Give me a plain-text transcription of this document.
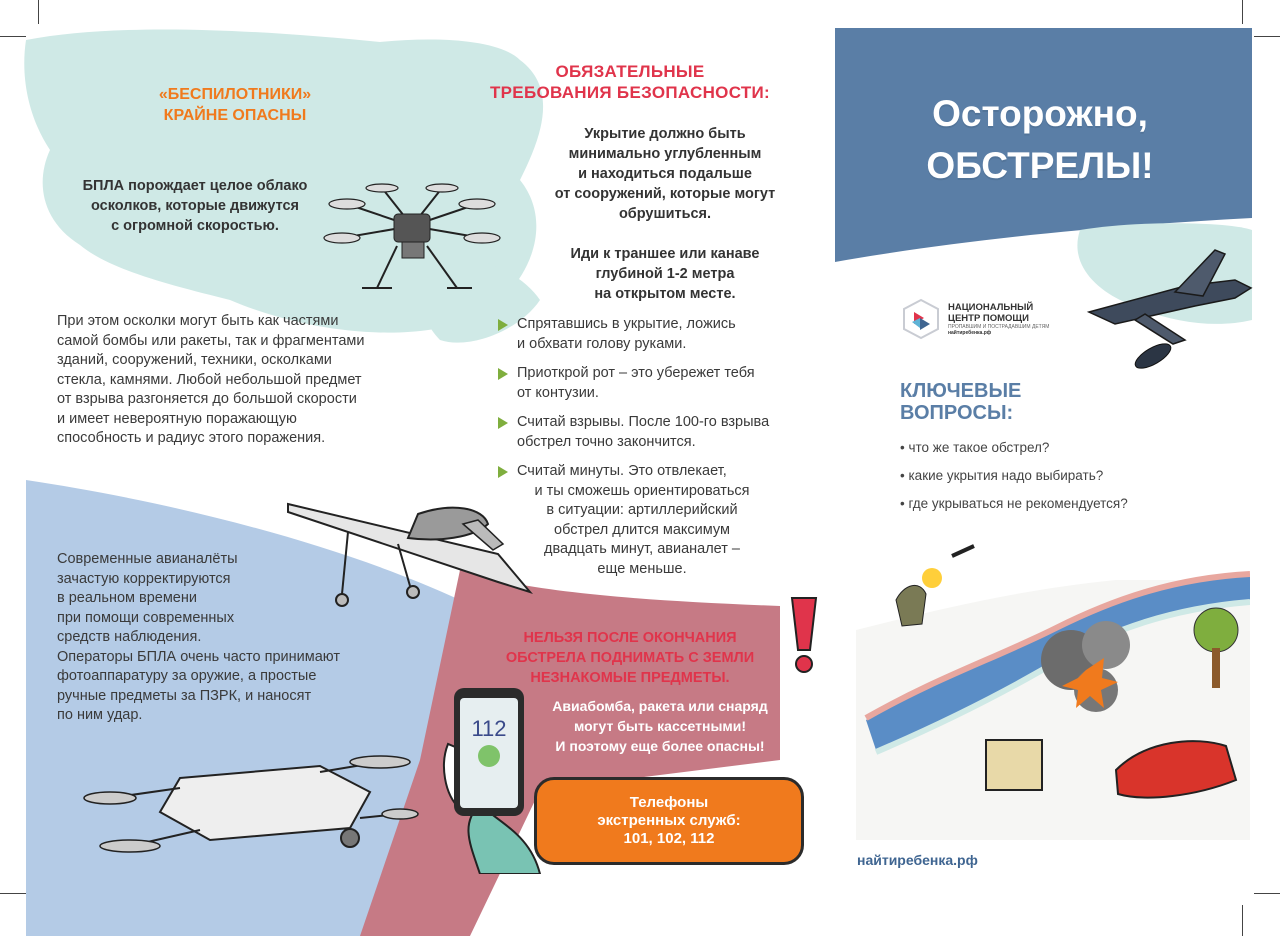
«БЕСПИЛОТНИКИ»
КРАЙНЕ ОПАСНЫ
БПЛА порождает целое облако
осколков, которые движутся
с огромной скоростью.
При этом осколки могут быть как частями
самой бомбы или ракеты, так и фрагментами
зданий, сооружений, техники, осколками
стекла, камнями. Любой небольшой предмет
от взрыва разгоняется до большой скорости
и имеет невероятную поражающую
способность и радиус этого поражения.
Современные авианалёты
зачастую корректируются
в реальном времени
при помощи современных
средств наблюдения.
Операторы БПЛА очень часто принимают
фотоаппаратуру за оружие, а простые
ручные предметы за ПЗРК, и наносят
по ним удар.
ОБЯЗАТЕЛЬНЫЕ
ТРЕБОВАНИЯ БЕЗОПАСНОСТИ:
Укрытие должно быть
минимально углубленным
и находиться подальше
от сооружений, которые могут
обрушиться.
Иди к траншее или канаве
глубиной 1-2 метра
на открытом месте.
Спрятавшись в укрытие, ложись
и обхвати голову руками.
Приоткрой рот – это убережет тебя
от контузии.
Считай взрывы. После 100-го взрыва
обстрел точно закончится.
Считай минуты. Это отвлекает,
и ты сможешь ориентироваться
в ситуации: артиллерийский
обстрел длится максимум
двадцать минут, авианалет –
еще меньше.
НЕЛЬЗЯ ПОСЛЕ ОКОНЧАНИЯ
ОБСТРЕЛА ПОДНИМАТЬ С ЗЕМЛИ
НЕЗНАКОМЫЕ ПРЕДМЕТЫ.
Авиабомба, ракета или снаряд
могут быть кассетными!
И поэтому еще более опасны!
112
Телефоны
экстренных служб:
101, 102, 112
Осторожно,
ОБСТРЕЛЫ!
НАЦИОНАЛЬНЫЙ
ЦЕНТР ПОМОЩИ
ПРОПАВШИМ И ПОСТРАДАВШИМ ДЕТЯМ
найтиребенка.рф
КЛЮЧЕВЫЕ
ВОПРОСЫ:
• что же такое обстрел?
• какие укрытия надо выбирать?
• где укрываться не рекомендуется?
найтиребенка.рф
